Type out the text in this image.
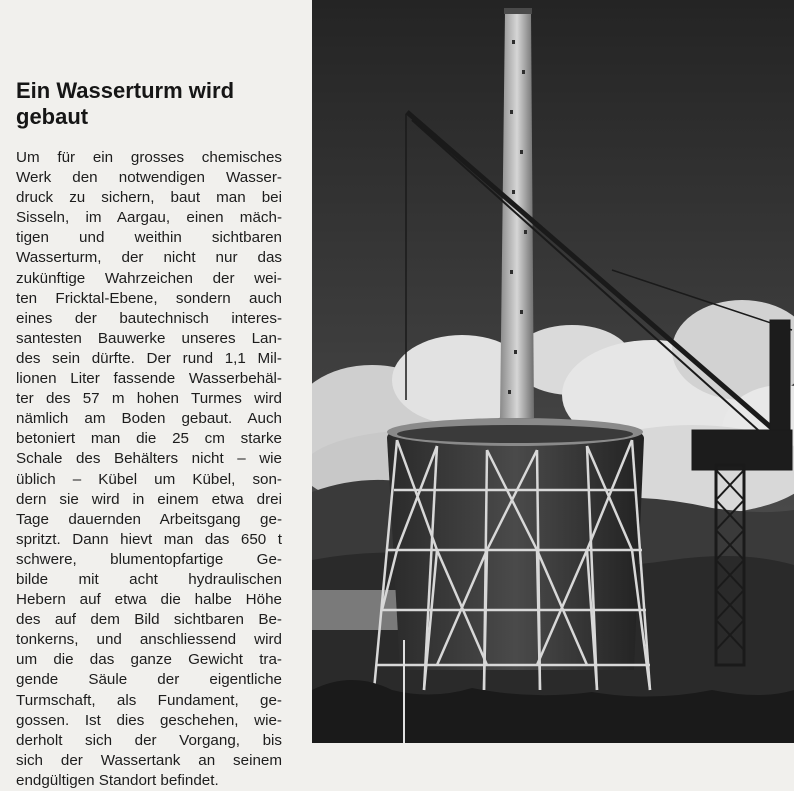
Ein Wasserturm wird
gebaut
Um für ein grosses chemisches
Werk den notwendigen Wasser-
druck zu sichern, baut man bei
Sisseln, im Aargau, einen mäch-
tigen und weithin sichtbaren
Wasserturm, der nicht nur das
zukünftige Wahrzeichen der wei-
ten Fricktal-Ebene, sondern auch
eines der bautechnisch interes-
santesten Bauwerke unseres Lan-
des sein dürfte. Der rund 1,1 Mil-
lionen Liter fassende Wasserbehäl-
ter des 57 m hohen Turmes wird
nämlich am Boden gebaut. Auch
betoniert man die 25 cm starke
Schale des Behälters nicht – wie
üblich – Kübel um Kübel, son-
dern sie wird in einem etwa drei
Tage dauernden Arbeitsgang ge-
spritzt. Dann hievt man das 650 t
schwere, blumentopfartige Ge-
bilde mit acht hydraulischen
Hebern auf etwa die halbe Höhe
des auf dem Bild sichtbaren Be-
tonkerns, und anschliessend wird
um die das ganze Gewicht tra-
gende Säule der eigentliche
Turmschaft, als Fundament, ge-
gossen. Ist dies geschehen, wie-
derholt sich der Vorgang, bis
sich der Wassertank an seinem
endgültigen Standort befindet.
